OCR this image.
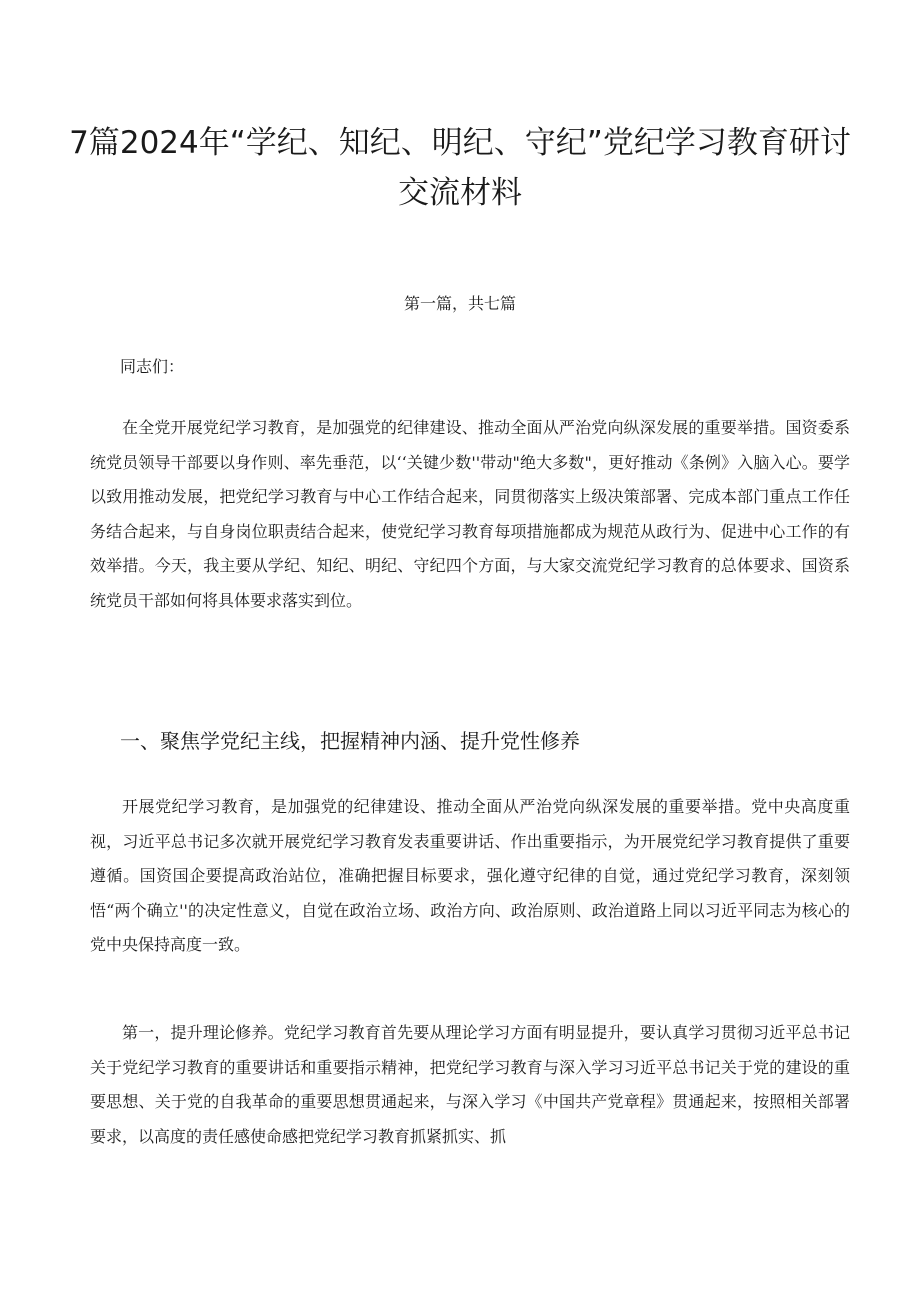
7篇2024年“学纪、知纪、明纪、守纪”党纪学习教育研讨交流材料

第一篇，共七篇

同志们：

在全党开展党纪学习教育，是加强党的纪律建设、推动全面从严治党向纵深发展的重要举措。国资委系统党员领导干部要以身作则、率先垂范，以‘‘关键少数''带动"绝大多数"，更好推动《条例》入脑入心。要学以致用推动发展，把党纪学习教育与中心工作结合起来，同贯彻落实上级决策部署、完成本部门重点工作任务结合起来，与自身岗位职责结合起来，使党纪学习教育每项措施都成为规范从政行为、促进中心工作的有效举措。今天，我主要从学纪、知纪、明纪、守纪四个方面，与大家交流党纪学习教育的总体要求、国资系统党员干部如何将具体要求落实到位。

一、聚焦学党纪主线，把握精神内涵、提升党性修养

开展党纪学习教育，是加强党的纪律建设、推动全面从严治党向纵深发展的重要举措。党中央高度重视，习近平总书记多次就开展党纪学习教育发表重要讲话、作出重要指示，为开展党纪学习教育提供了重要遵循。国资国企要提高政治站位，准确把握目标要求，强化遵守纪律的自觉，通过党纪学习教育，深刻领悟“两个确立''的决定性意义，自觉在政治立场、政治方向、政治原则、政治道路上同以习近平同志为核心的党中央保持高度一致。

第一，提升理论修养。党纪学习教育首先要从理论学习方面有明显提升，要认真学习贯彻习近平总书记关于党纪学习教育的重要讲话和重要指示精神，把党纪学习教育与深入学习习近平总书记关于党的建设的重要思想、关于党的自我革命的重要思想贯通起来，与深入学习《中国共产党章程》贯通起来，按照相关部署要求，以高度的责任感使命感把党纪学习教育抓紧抓实、抓
